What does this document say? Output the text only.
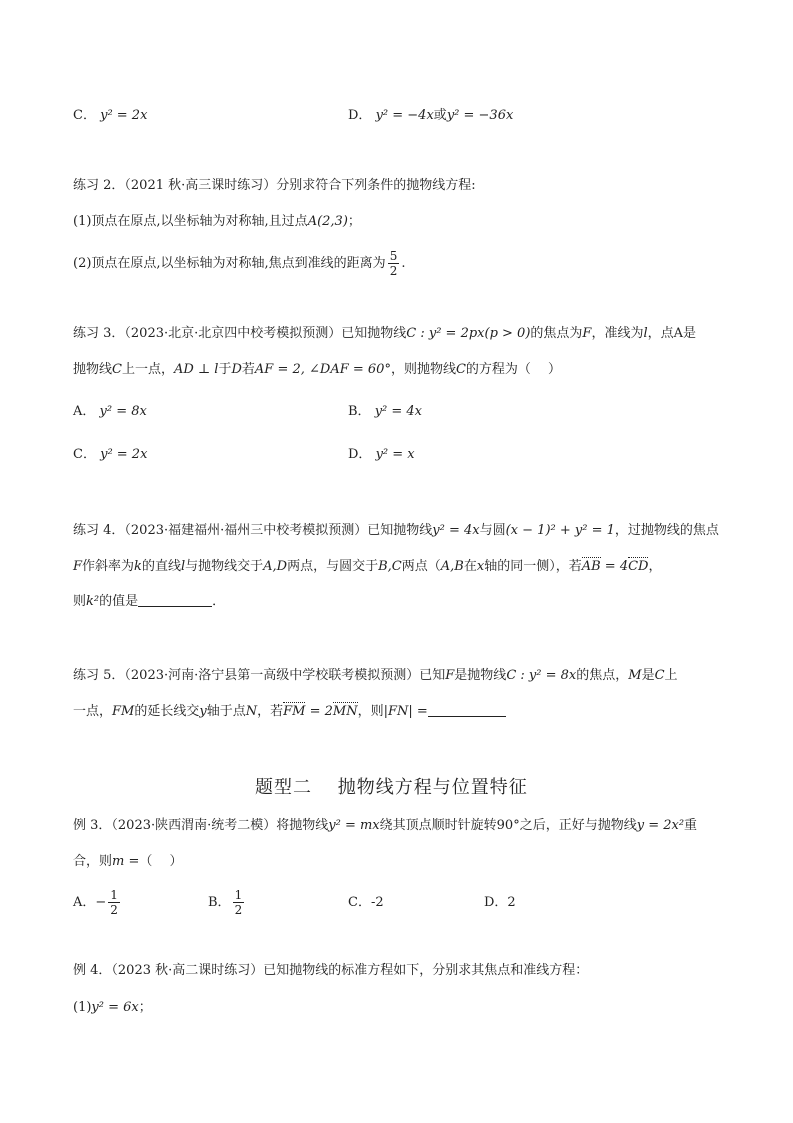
C． y² = 2x	D． y² = −4x或y² = −36x
练习 2．（2021 秋·高三课时练习）分别求符合下列条件的抛物线方程:
(1)顶点在原点,以坐标轴为对称轴,且过点A(2,3)；
(2)顶点在原点,以坐标轴为对称轴,焦点到准线的距离为 $\frac{5}{2}$ .
练习 3．（2023·北京·北京四中校考模拟预测）已知抛物线C : y² = 2px(p > 0)的焦点为F，准线为l，点A是
抛物线C上一点，AD ⊥ l于D若AF = 2, ∠DAF = 60°，则抛物线C的方程为（　 ）
A． y² = 8x	B． y² = 4x
C． y² = 2x	D． y² = x
练习 4．（2023·福建福州·福州三中校考模拟预测）已知抛物线y² = 4x与圆(x − 1)² + y² = 1，过抛物线的焦点
F作斜率为k的直线l与抛物线交于A,D两点，与圆交于B,C两点（A,B在x轴的同一侧），若AB = 4CD，
则k²的值是	．
练习 5．（2023·河南·洛宁县第一高级中学校联考模拟预测）已知F是抛物线C : y² = 8x的焦点，M是C上
一点，FM的延长线交y轴于点N，若FM = 2MN，则|FN| =
题型二　 抛物线方程与位置特征
例 3．（2023·陕西渭南·统考二模）将抛物线y² = mx绕其顶点顺时针旋转90°之后，正好与抛物线y = 2x²重
合，则m =（　 ）
A．− $\frac{1}{2}$	B． $\frac{1}{2}$	C．-2	D．2
例 4．（2023 秋·高二课时练习）已知抛物线的标准方程如下，分别求其焦点和准线方程：
(1)y² = 6x；
